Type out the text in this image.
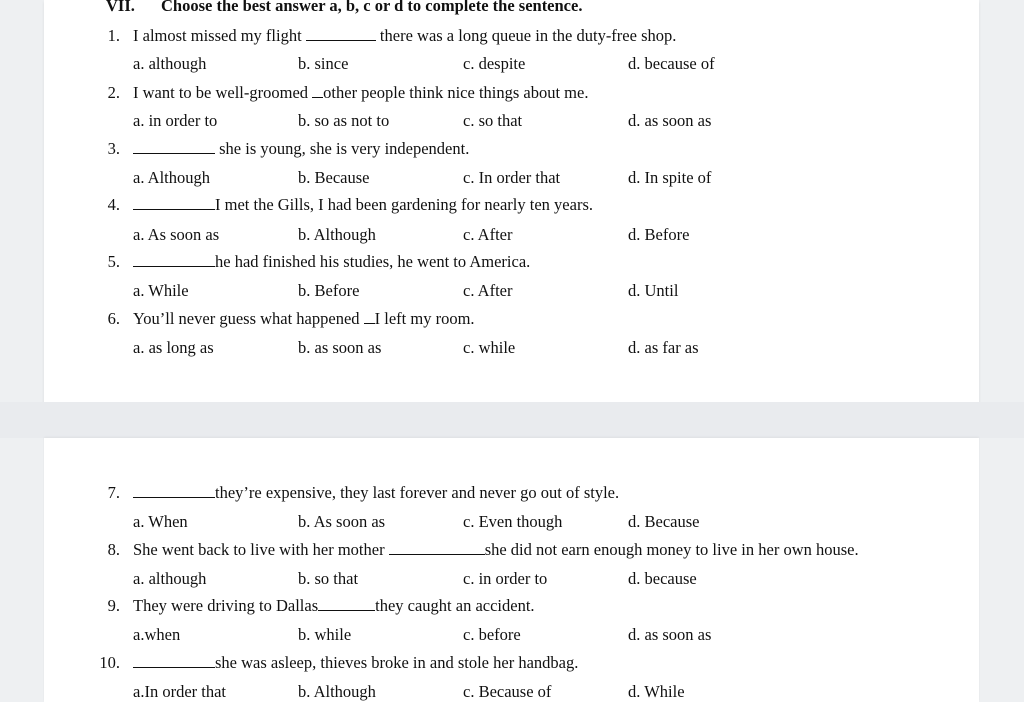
VII. Choose the best answer a, b, c or d to complete the sentence.
1. I almost missed my flight	there was a long queue in the duty-free shop.
a. although	b. since	c. despite	d. because of
2. I want to be well-groomed other people think nice things about me.
a. in order to	b. so as not to	c. so that	d. as soon as
3.	she is young, she is very independent.
a. Although	b. Because	c. In order that	d. In spite of
4.	I met the Gills, I had been gardening for nearly ten years.
a. As soon as	b. Although	c. After	d. Before
5.	he had finished his studies, he went to America.
a. While	b. Before	c. After	d. Until
6. You’ll never guess what happened I left my room.
a. as long as	b. as soon as	c. while	d. as far as
7.	they’re expensive, they last forever and never go out of style.
a. When	b. As soon as	c. Even though	d. Because
8. She went back to live with her mother	she did not earn enough money to live in her own house.
a. although	b. so that	c. in order to	d. because
9. They were driving to Dallas	they caught an accident.
a.when	b. while	c. before	d. as soon as
10.	she was asleep, thieves broke in and stole her handbag.
a.In order that	b. Although	c. Because of	d. While
